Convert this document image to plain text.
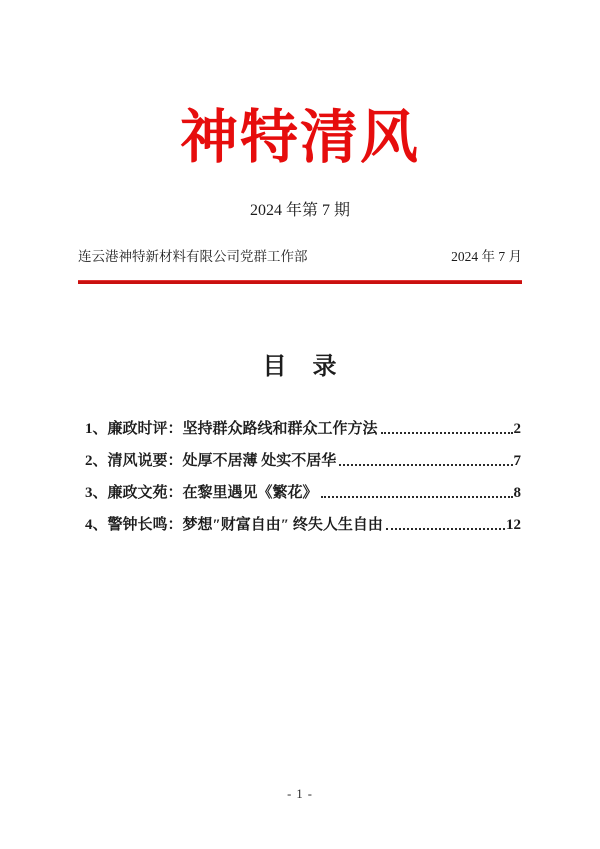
神特清风
2024 年第 7 期
连云港神特新材料有限公司党群工作部	2024 年 7 月
目　录
1、廉政时评：坚持群众路线和群众工作方法	2
2、清风说要：处厚不居薄 处实不居华	7
3、廉政文苑：在黎里遇见《繁花》	8
4、警钟长鸣：梦想″财富自由″ 终失人生自由	12
- 1 -
